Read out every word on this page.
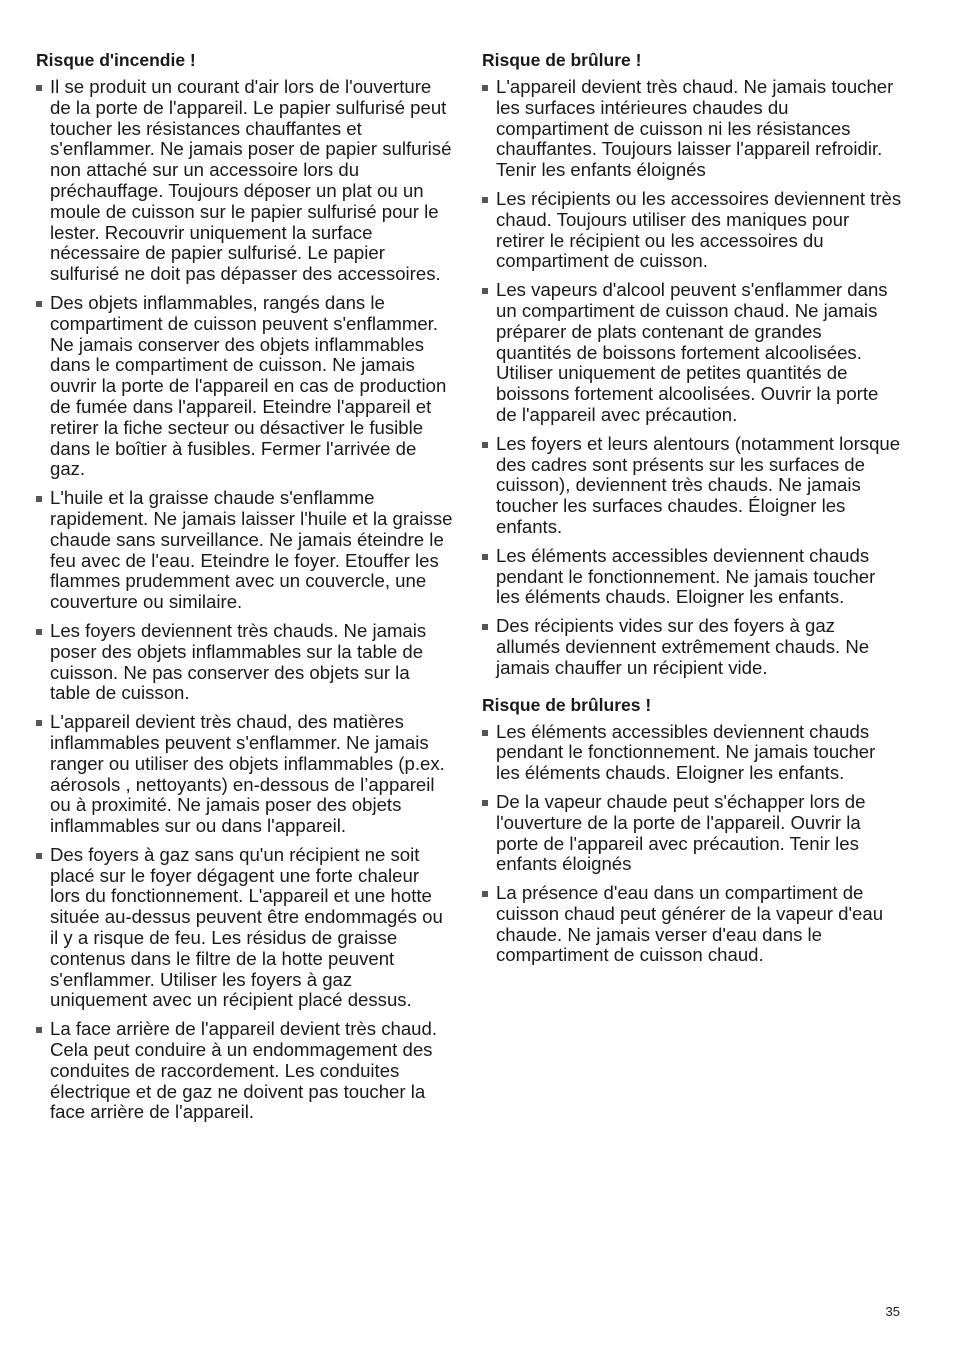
Risque d'incendie !
Il se produit un courant d'air lors de l'ouverture de la porte de l'appareil. Le papier sulfurisé peut toucher les résistances chauffantes et s'enflammer. Ne jamais poser de papier sulfurisé non attaché sur un accessoire lors du préchauffage. Toujours déposer un plat ou un moule de cuisson sur le papier sulfurisé pour le lester. Recouvrir uniquement la surface nécessaire de papier sulfurisé. Le papier sulfurisé ne doit pas dépasser des accessoires.
Des objets inflammables, rangés dans le compartiment de cuisson peuvent s'enflammer. Ne jamais conserver des objets inflammables dans le compartiment de cuisson. Ne jamais ouvrir la porte de l'appareil en cas de production de fumée dans l'appareil. Eteindre l'appareil et retirer la fiche secteur ou désactiver le fusible dans le boîtier à fusibles. Fermer l'arrivée de gaz.
L'huile et la graisse chaude s'enflamme rapidement. Ne jamais laisser l'huile et la graisse chaude sans surveillance. Ne jamais éteindre le feu avec de l'eau. Eteindre le foyer. Etouffer les flammes prudemment avec un couvercle, une couverture ou similaire.
Les foyers deviennent très chauds. Ne jamais poser des objets inflammables sur la table de cuisson. Ne pas conserver des objets sur la table de cuisson.
L'appareil devient très chaud, des matières inflammables peuvent s'enflammer. Ne jamais ranger ou utiliser des objets inflammables (p.ex. aérosols , nettoyants) en-dessous de l’appareil ou à proximité. Ne jamais poser des objets inflammables sur ou dans l'appareil.
Des foyers à gaz sans qu'un récipient ne soit placé sur le foyer dégagent une forte chaleur lors du fonctionnement. L'appareil et une hotte située au-dessus peuvent être endommagés ou il y a risque de feu. Les résidus de graisse contenus dans le filtre de la hotte peuvent s'enflammer. Utiliser les foyers à gaz uniquement avec un récipient placé dessus.
La face arrière de l'appareil devient très chaud. Cela peut conduire à un endommagement des conduites de raccordement. Les conduites électrique et de gaz ne doivent pas toucher la face arrière de l'appareil.
Risque de brûlure !
L'appareil devient très chaud. Ne jamais toucher les surfaces intérieures chaudes du compartiment de cuisson ni les résistances chauffantes. Toujours laisser l'appareil refroidir. Tenir les enfants éloignés
Les récipients ou les accessoires deviennent très chaud. Toujours utiliser des maniques pour retirer le récipient ou les accessoires du compartiment de cuisson.
Les vapeurs d'alcool peuvent s'enflammer dans un compartiment de cuisson chaud. Ne jamais préparer de plats contenant de grandes quantités de boissons fortement alcoolisées. Utiliser uniquement de petites quantités de boissons fortement alcoolisées. Ouvrir la porte de l'appareil avec précaution.
Les foyers et leurs alentours (notamment lorsque des cadres sont présents sur les surfaces de cuisson), deviennent très chauds. Ne jamais toucher les surfaces chaudes. Éloigner les enfants.
Les éléments accessibles deviennent chauds pendant le fonctionnement. Ne jamais toucher les éléments chauds. Eloigner les enfants.
Des récipients vides sur des foyers à gaz allumés deviennent extrêmement chauds. Ne jamais chauffer un récipient vide.
Risque de brûlures !
Les éléments accessibles deviennent chauds pendant le fonctionnement. Ne jamais toucher les éléments chauds. Eloigner les enfants.
De la vapeur chaude peut s'échapper lors de l'ouverture de la porte de l'appareil. Ouvrir la porte de l'appareil avec précaution. Tenir les enfants éloignés
La présence d'eau dans un compartiment de cuisson chaud peut générer de la vapeur d'eau chaude. Ne jamais verser d'eau dans le compartiment de cuisson chaud.
35
